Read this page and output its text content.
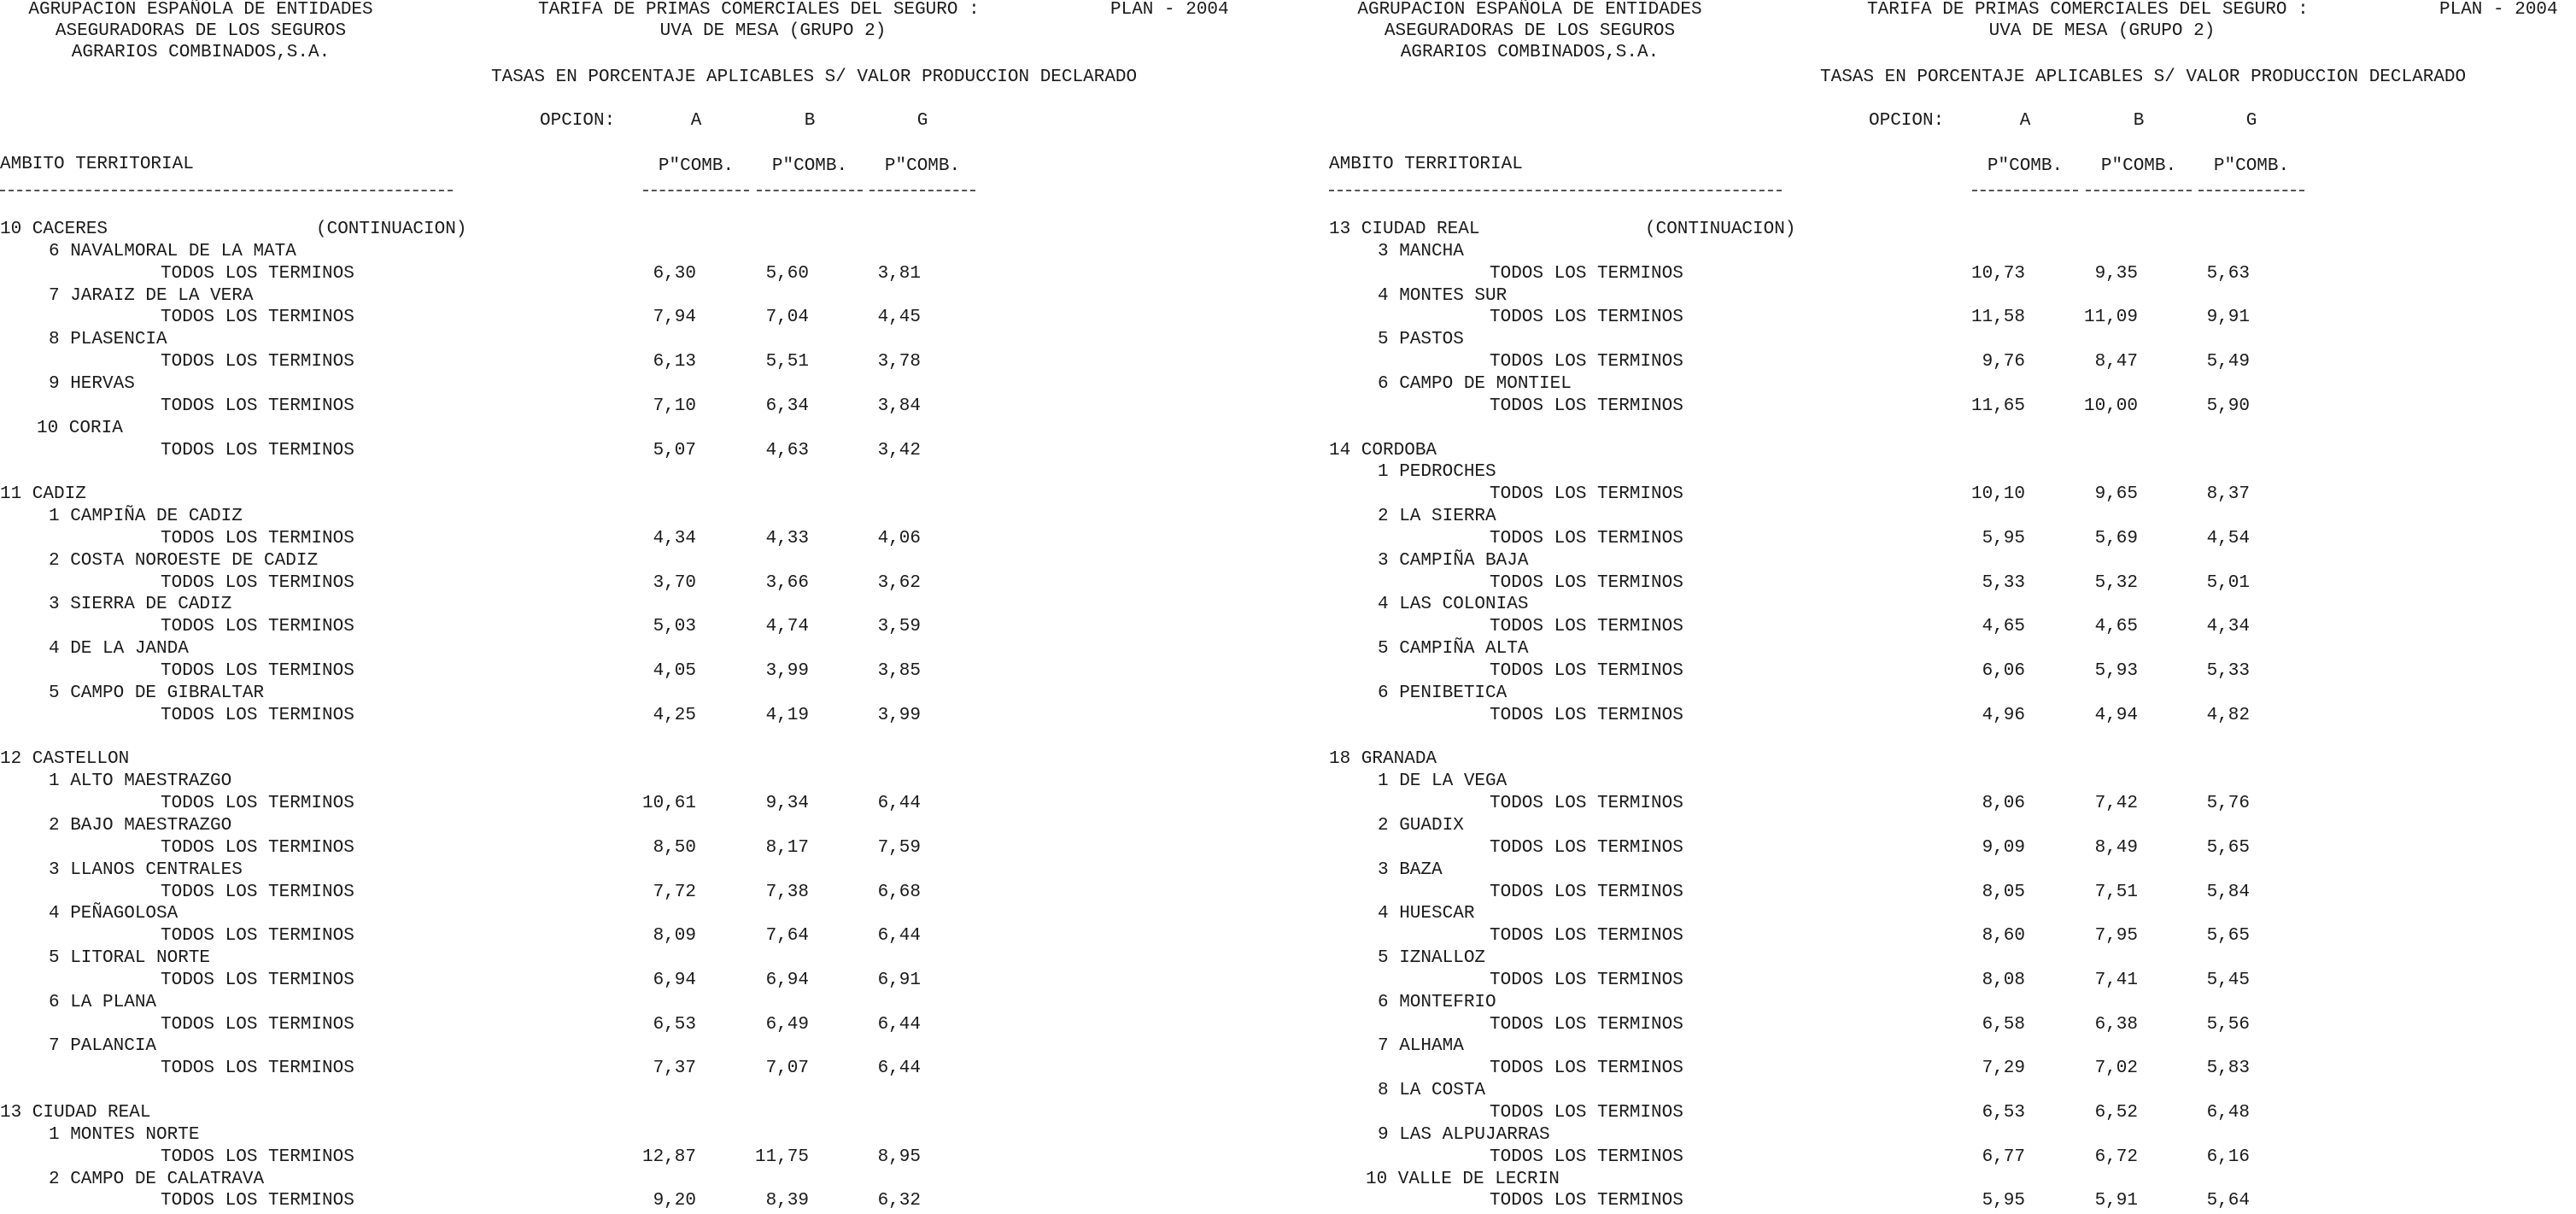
AGRUPACION ESPAÑOLA DE ENTIDADES
ASEGURADORAS DE LOS SEGUROS
AGRARIOS COMBINADOS,S.A.
TARIFA DE PRIMAS COMERCIALES DEL SEGURO :	PLAN - 2004
UVA DE MESA (GRUPO 2)
TASAS EN PORCENTAJE APLICABLES S/ VALOR PRODUCCION DECLARADO
OPCION:	A	B	G
AMBITO TERRITORIAL	P"COMB.	P"COMB.	P"COMB.
10 CACERES	(CONTINUACION)
6 NAVALMORAL DE LA MATA
TODOS LOS TERMINOS	6,30	5,60	3,81
7 JARAIZ DE LA VERA
TODOS LOS TERMINOS	7,94	7,04	4,45
8 PLASENCIA
TODOS LOS TERMINOS	6,13	5,51	3,78
9 HERVAS
TODOS LOS TERMINOS	7,10	6,34	3,84
10 CORIA
TODOS LOS TERMINOS	5,07	4,63	3,42
11 CADIZ
1 CAMPIÑA DE CADIZ
TODOS LOS TERMINOS	4,34	4,33	4,06
2 COSTA NOROESTE DE CADIZ
TODOS LOS TERMINOS	3,70	3,66	3,62
3 SIERRA DE CADIZ
TODOS LOS TERMINOS	5,03	4,74	3,59
4 DE LA JANDA
TODOS LOS TERMINOS	4,05	3,99	3,85
5 CAMPO DE GIBRALTAR
TODOS LOS TERMINOS	4,25	4,19	3,99
12 CASTELLON
1 ALTO MAESTRAZGO
TODOS LOS TERMINOS	10,61	9,34	6,44
2 BAJO MAESTRAZGO
TODOS LOS TERMINOS	8,50	8,17	7,59
3 LLANOS CENTRALES
TODOS LOS TERMINOS	7,72	7,38	6,68
4 PEÑAGOLOSA
TODOS LOS TERMINOS	8,09	7,64	6,44
5 LITORAL NORTE
TODOS LOS TERMINOS	6,94	6,94	6,91
6 LA PLANA
TODOS LOS TERMINOS	6,53	6,49	6,44
7 PALANCIA
TODOS LOS TERMINOS	7,37	7,07	6,44
13 CIUDAD REAL
1 MONTES NORTE
TODOS LOS TERMINOS	12,87	11,75	8,95
2 CAMPO DE CALATRAVA
TODOS LOS TERMINOS	9,20	8,39	6,32
AGRUPACION ESPAÑOLA DE ENTIDADES
ASEGURADORAS DE LOS SEGUROS
AGRARIOS COMBINADOS,S.A.
TARIFA DE PRIMAS COMERCIALES DEL SEGURO :	PLAN - 2004
UVA DE MESA (GRUPO 2)
TASAS EN PORCENTAJE APLICABLES S/ VALOR PRODUCCION DECLARADO
OPCION:	A	B	G
AMBITO TERRITORIAL	P"COMB.	P"COMB.	P"COMB.
13 CIUDAD REAL	(CONTINUACION)
3 MANCHA
TODOS LOS TERMINOS	10,73	9,35	5,63
4 MONTES SUR
TODOS LOS TERMINOS	11,58	11,09	9,91
5 PASTOS
TODOS LOS TERMINOS	9,76	8,47	5,49
6 CAMPO DE MONTIEL
TODOS LOS TERMINOS	11,65	10,00	5,90
14 CORDOBA
1 PEDROCHES
TODOS LOS TERMINOS	10,10	9,65	8,37
2 LA SIERRA
TODOS LOS TERMINOS	5,95	5,69	4,54
3 CAMPIÑA BAJA
TODOS LOS TERMINOS	5,33	5,32	5,01
4 LAS COLONIAS
TODOS LOS TERMINOS	4,65	4,65	4,34
5 CAMPIÑA ALTA
TODOS LOS TERMINOS	6,06	5,93	5,33
6 PENIBETICA
TODOS LOS TERMINOS	4,96	4,94	4,82
18 GRANADA
1 DE LA VEGA
TODOS LOS TERMINOS	8,06	7,42	5,76
2 GUADIX
TODOS LOS TERMINOS	9,09	8,49	5,65
3 BAZA
TODOS LOS TERMINOS	8,05	7,51	5,84
4 HUESCAR
TODOS LOS TERMINOS	8,60	7,95	5,65
5 IZNALLOZ
TODOS LOS TERMINOS	8,08	7,41	5,45
6 MONTEFRIO
TODOS LOS TERMINOS	6,58	6,38	5,56
7 ALHAMA
TODOS LOS TERMINOS	7,29	7,02	5,83
8 LA COSTA
TODOS LOS TERMINOS	6,53	6,52	6,48
9 LAS ALPUJARRAS
TODOS LOS TERMINOS	6,77	6,72	6,16
10 VALLE DE LECRIN
TODOS LOS TERMINOS	5,95	5,91	5,64
